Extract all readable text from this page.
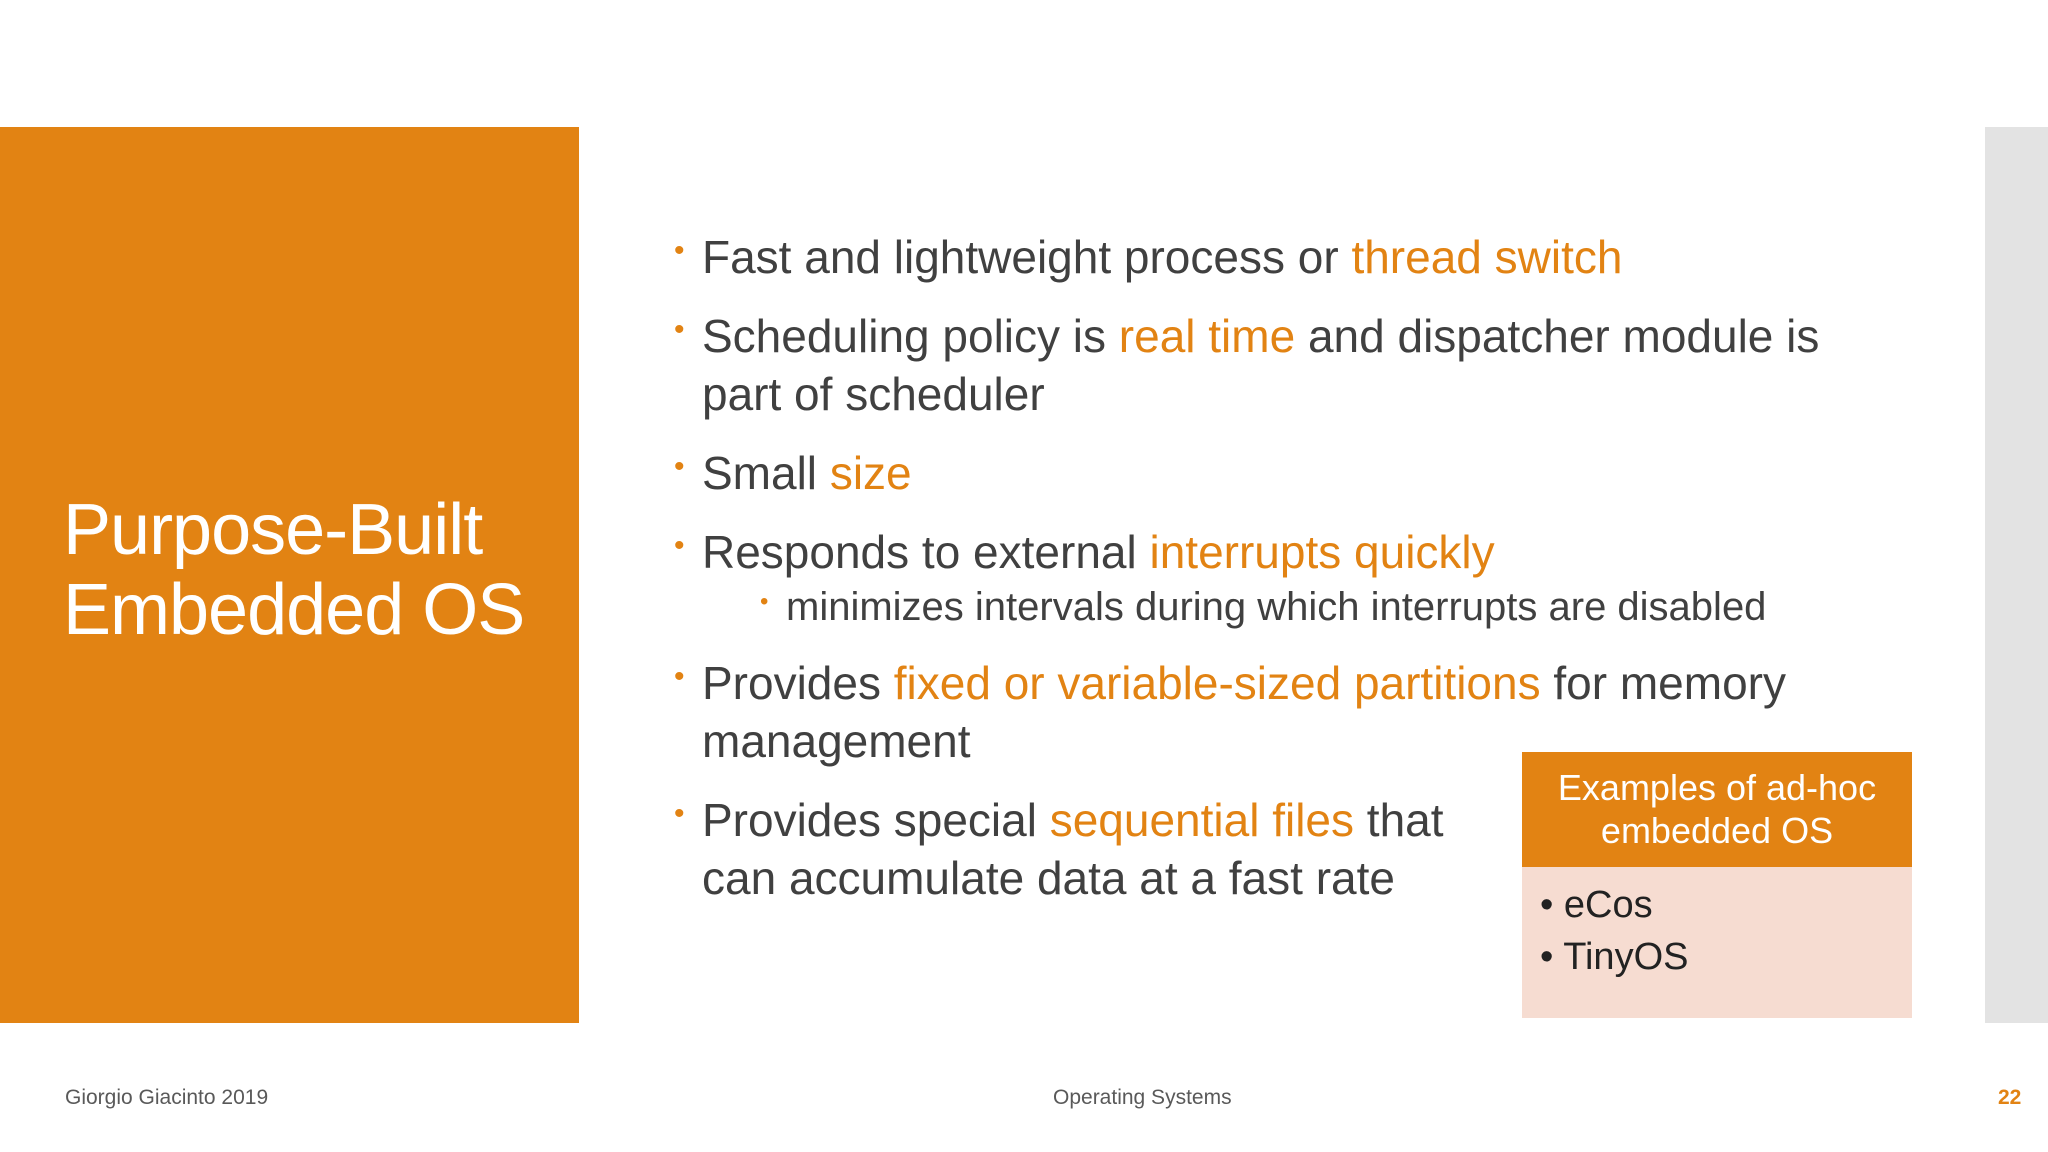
Purpose-Built
Embedded OS
• Fast and lightweight process or thread switch
• Scheduling policy is real time and dispatcher module is part of scheduler
• Small size
• Responds to external interrupts quickly
• minimizes intervals during which interrupts are disabled
• Provides fixed or variable-sized partitions for memory management
• Provides special sequential files that can accumulate data at a fast rate
Examples of ad-hoc embedded OS
• eCos
• TinyOS
Giorgio Giacinto 2019	Operating Systems	22
